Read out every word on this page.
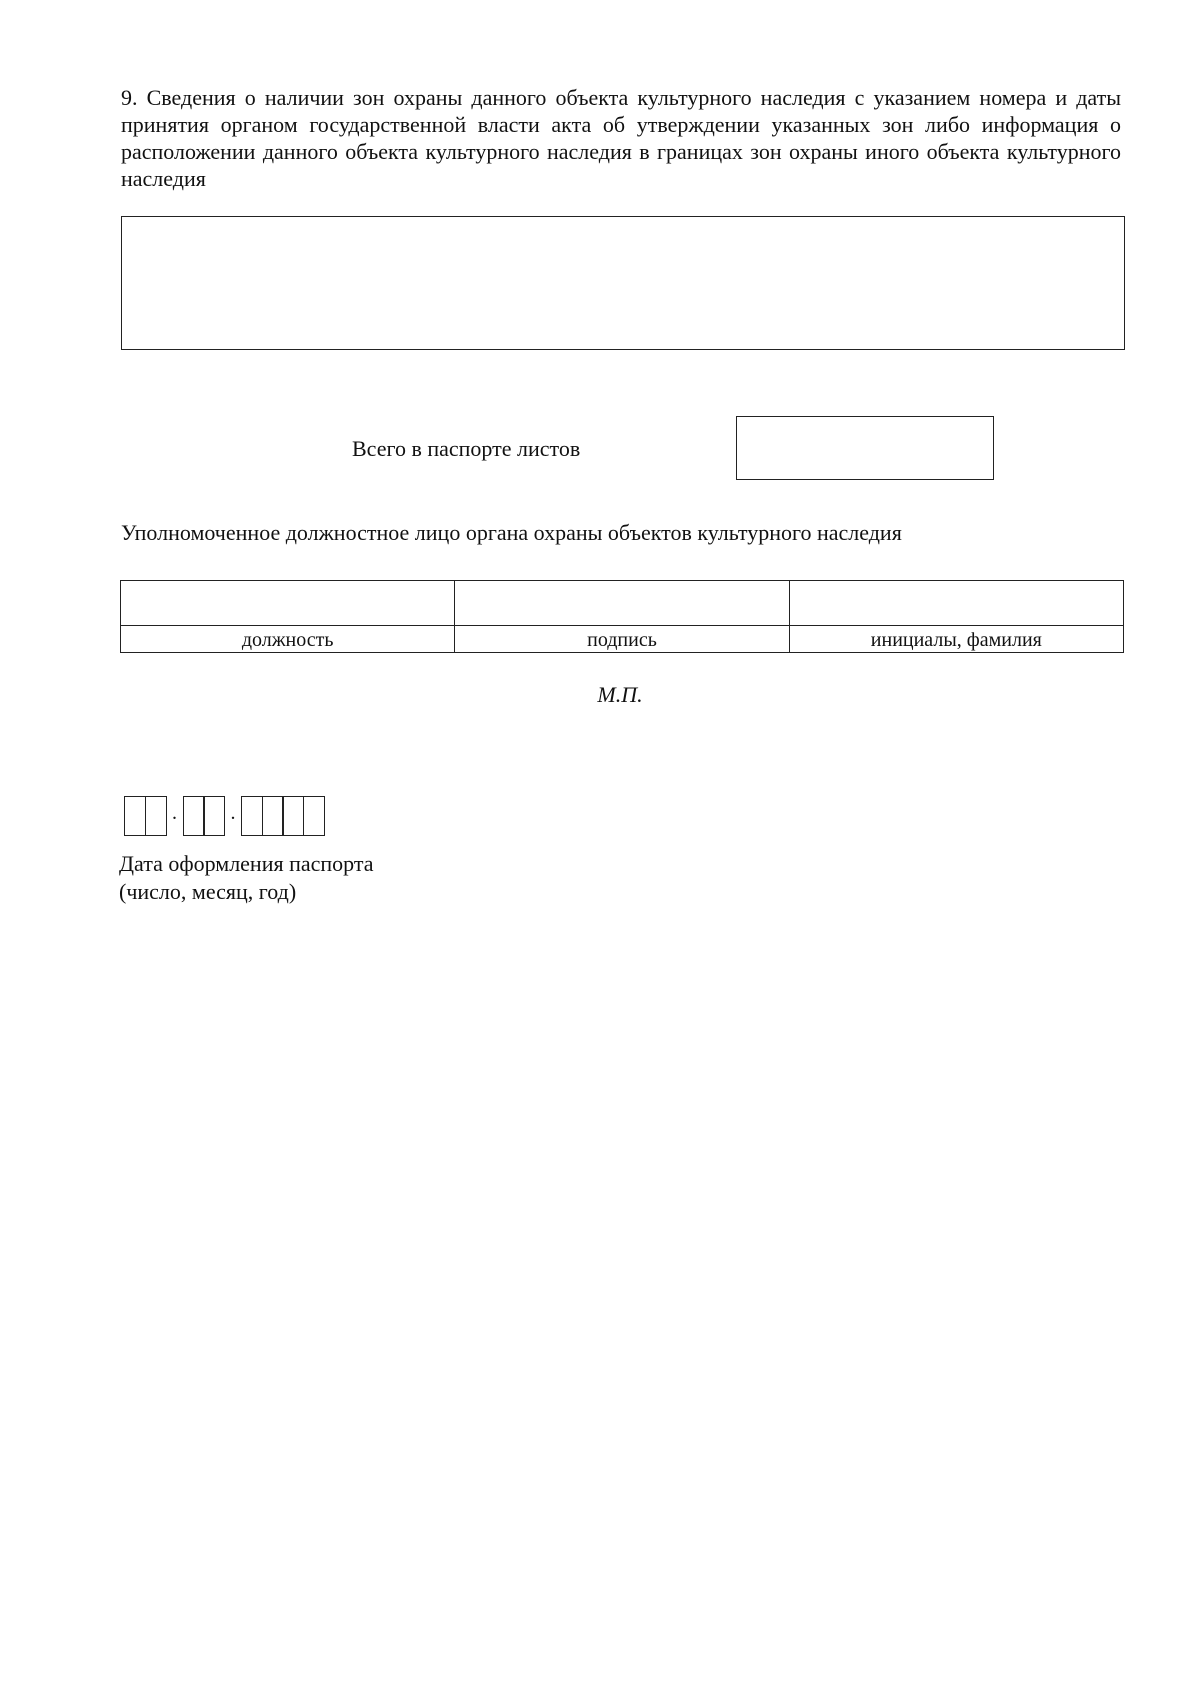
9. Сведения о наличии зон охраны данного объекта культурного наследия с указанием номера и даты принятия органом государственной власти акта об утверждении указанных зон либо информация о расположении данного объекта культурного наследия в границах зон охраны иного объекта культурного наследия
Всего в паспорте листов
Уполномоченное должностное лицо органа охраны объектов культурного наследия

должность	подпись	инициалы, фамилия
М.П.
.	.
Дата оформления паспорта
(число, месяц, год)
